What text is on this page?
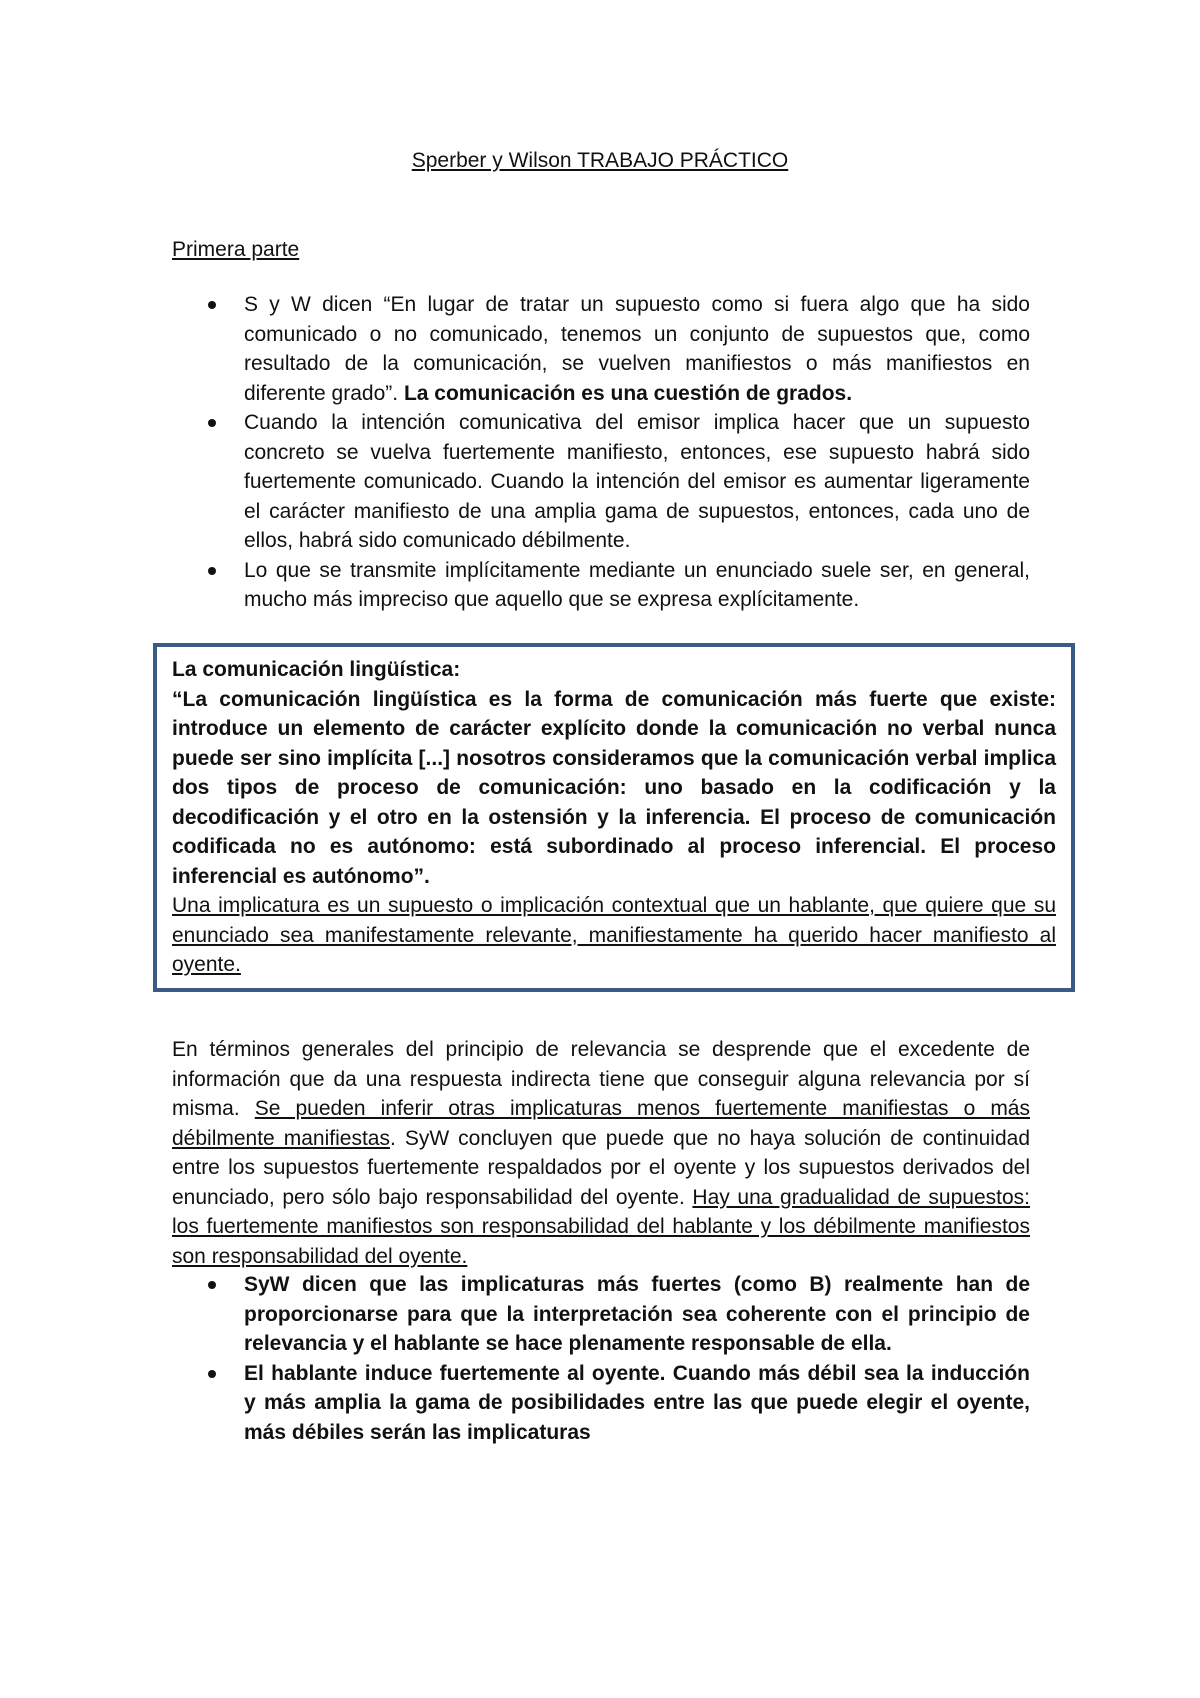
Sperber y Wilson TRABAJO PRÁCTICO

Primera parte

S y W dicen “En lugar de tratar un supuesto como si fuera algo que ha sido comunicado o no comunicado, tenemos un conjunto de supuestos que, como resultado de la comunicación, se vuelven manifiestos o más manifiestos en diferente grado”. La comunicación es una cuestión de grados.
Cuando la intención comunicativa del emisor implica hacer que un supuesto concreto se vuelva fuertemente manifiesto, entonces, ese supuesto habrá sido fuertemente comunicado. Cuando la intención del emisor es aumentar ligeramente el carácter manifiesto de una amplia gama de supuestos, entonces, cada uno de ellos, habrá sido comunicado débilmente.
Lo que se transmite implícitamente mediante un enunciado suele ser, en general, mucho más impreciso que aquello que se expresa explícitamente.

La comunicación lingüística:

“La comunicación lingüística es la forma de comunicación más fuerte que existe: introduce un elemento de carácter explícito donde la comunicación no verbal nunca puede ser sino implícita [...] nosotros consideramos que la comunicación verbal implica dos tipos de proceso de comunicación: uno basado en la codificación y la decodificación y el otro en la ostensión y la inferencia. El proceso de comunicación codificada no es autónomo: está subordinado al proceso inferencial. El proceso inferencial es autónomo”.

Una implicatura es un supuesto o implicación contextual que un hablante, que quiere que su enunciado sea manifestamente relevante, manifiestamente ha querido hacer manifiesto al oyente.

En términos generales del principio de relevancia se desprende que el excedente de información que da una respuesta indirecta tiene que conseguir alguna relevancia por sí misma. Se pueden inferir otras implicaturas menos fuertemente manifiestas o más débilmente manifiestas. SyW concluyen que puede que no haya solución de continuidad entre los supuestos fuertemente respaldados por el oyente y los supuestos derivados del enunciado, pero sólo bajo responsabilidad del oyente. Hay una gradualidad de supuestos: los fuertemente manifiestos son responsabilidad del hablante y los débilmente manifiestos son responsabilidad del oyente.

SyW dicen que las implicaturas más fuertes (como B) realmente han de proporcionarse para que la interpretación sea coherente con el principio de relevancia y el hablante se hace plenamente responsable de ella.
El hablante induce fuertemente al oyente. Cuando más débil sea la inducción y más amplia la gama de posibilidades entre las que puede elegir el oyente, más débiles serán las implicaturas
